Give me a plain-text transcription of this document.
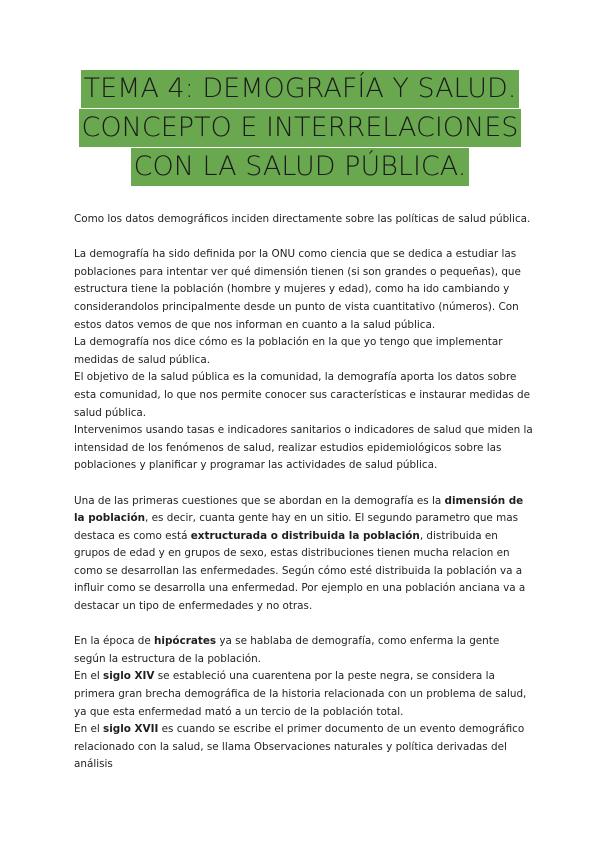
TEMA 4: DEMOGRAFÍA Y SALUD.
CONCEPTO E INTERRELACIONES
CON LA SALUD PÚBLICA.

Como los datos demográficos inciden directamente sobre las políticas de salud pública.

La demografía ha sido definida por la ONU como ciencia que se dedica a estudiar las poblaciones para intentar ver qué dimensión tienen (si son grandes o pequeñas), que estructura tiene la población (hombre y mujeres y edad), como ha ido cambiando y considerandolos principalmente desde un punto de vista cuantitativo (números). Con estos datos vemos de que nos informan en cuanto a la salud pública.

La demografía nos dice cómo es la población en la que yo tengo que implementar medidas de salud pública.

El objetivo de la salud pública es la comunidad, la demografía aporta los datos sobre esta comunidad, lo que nos permite conocer sus características e instaurar medidas de salud pública.

Intervenimos usando tasas e indicadores sanitarios o indicadores de salud que miden la intensidad de los fenómenos de salud, realizar estudios epidemiológicos sobre las poblaciones y planificar y programar las actividades de salud pública.

Una de las primeras cuestiones que se abordan en la demografía es la dimensión de la población, es decir, cuanta gente hay en un sitio. El segundo parametro que mas destaca es como está extructurada o distribuida la población, distribuida en grupos de edad y en grupos de sexo, estas distribuciones tienen mucha relacion en como se desarrollan las enfermedades. Según cómo esté distribuida la población va a influir como se desarrolla una enfermedad. Por ejemplo en una población anciana va a destacar un tipo de enfermedades y no otras.

En la época de hipócrates ya se hablaba de demografía, como enferma la gente según la estructura de la población.

En el siglo XIV se estableció una cuarentena por la peste negra, se considera la primera gran brecha demográfica de la historia relacionada con un problema de salud, ya que esta enfermedad mató a un tercio de la población total.

En el siglo XVII es cuando se escribe el primer documento de un evento demográfico relacionado con la salud, se llama Observaciones naturales y política derivadas del análisis
